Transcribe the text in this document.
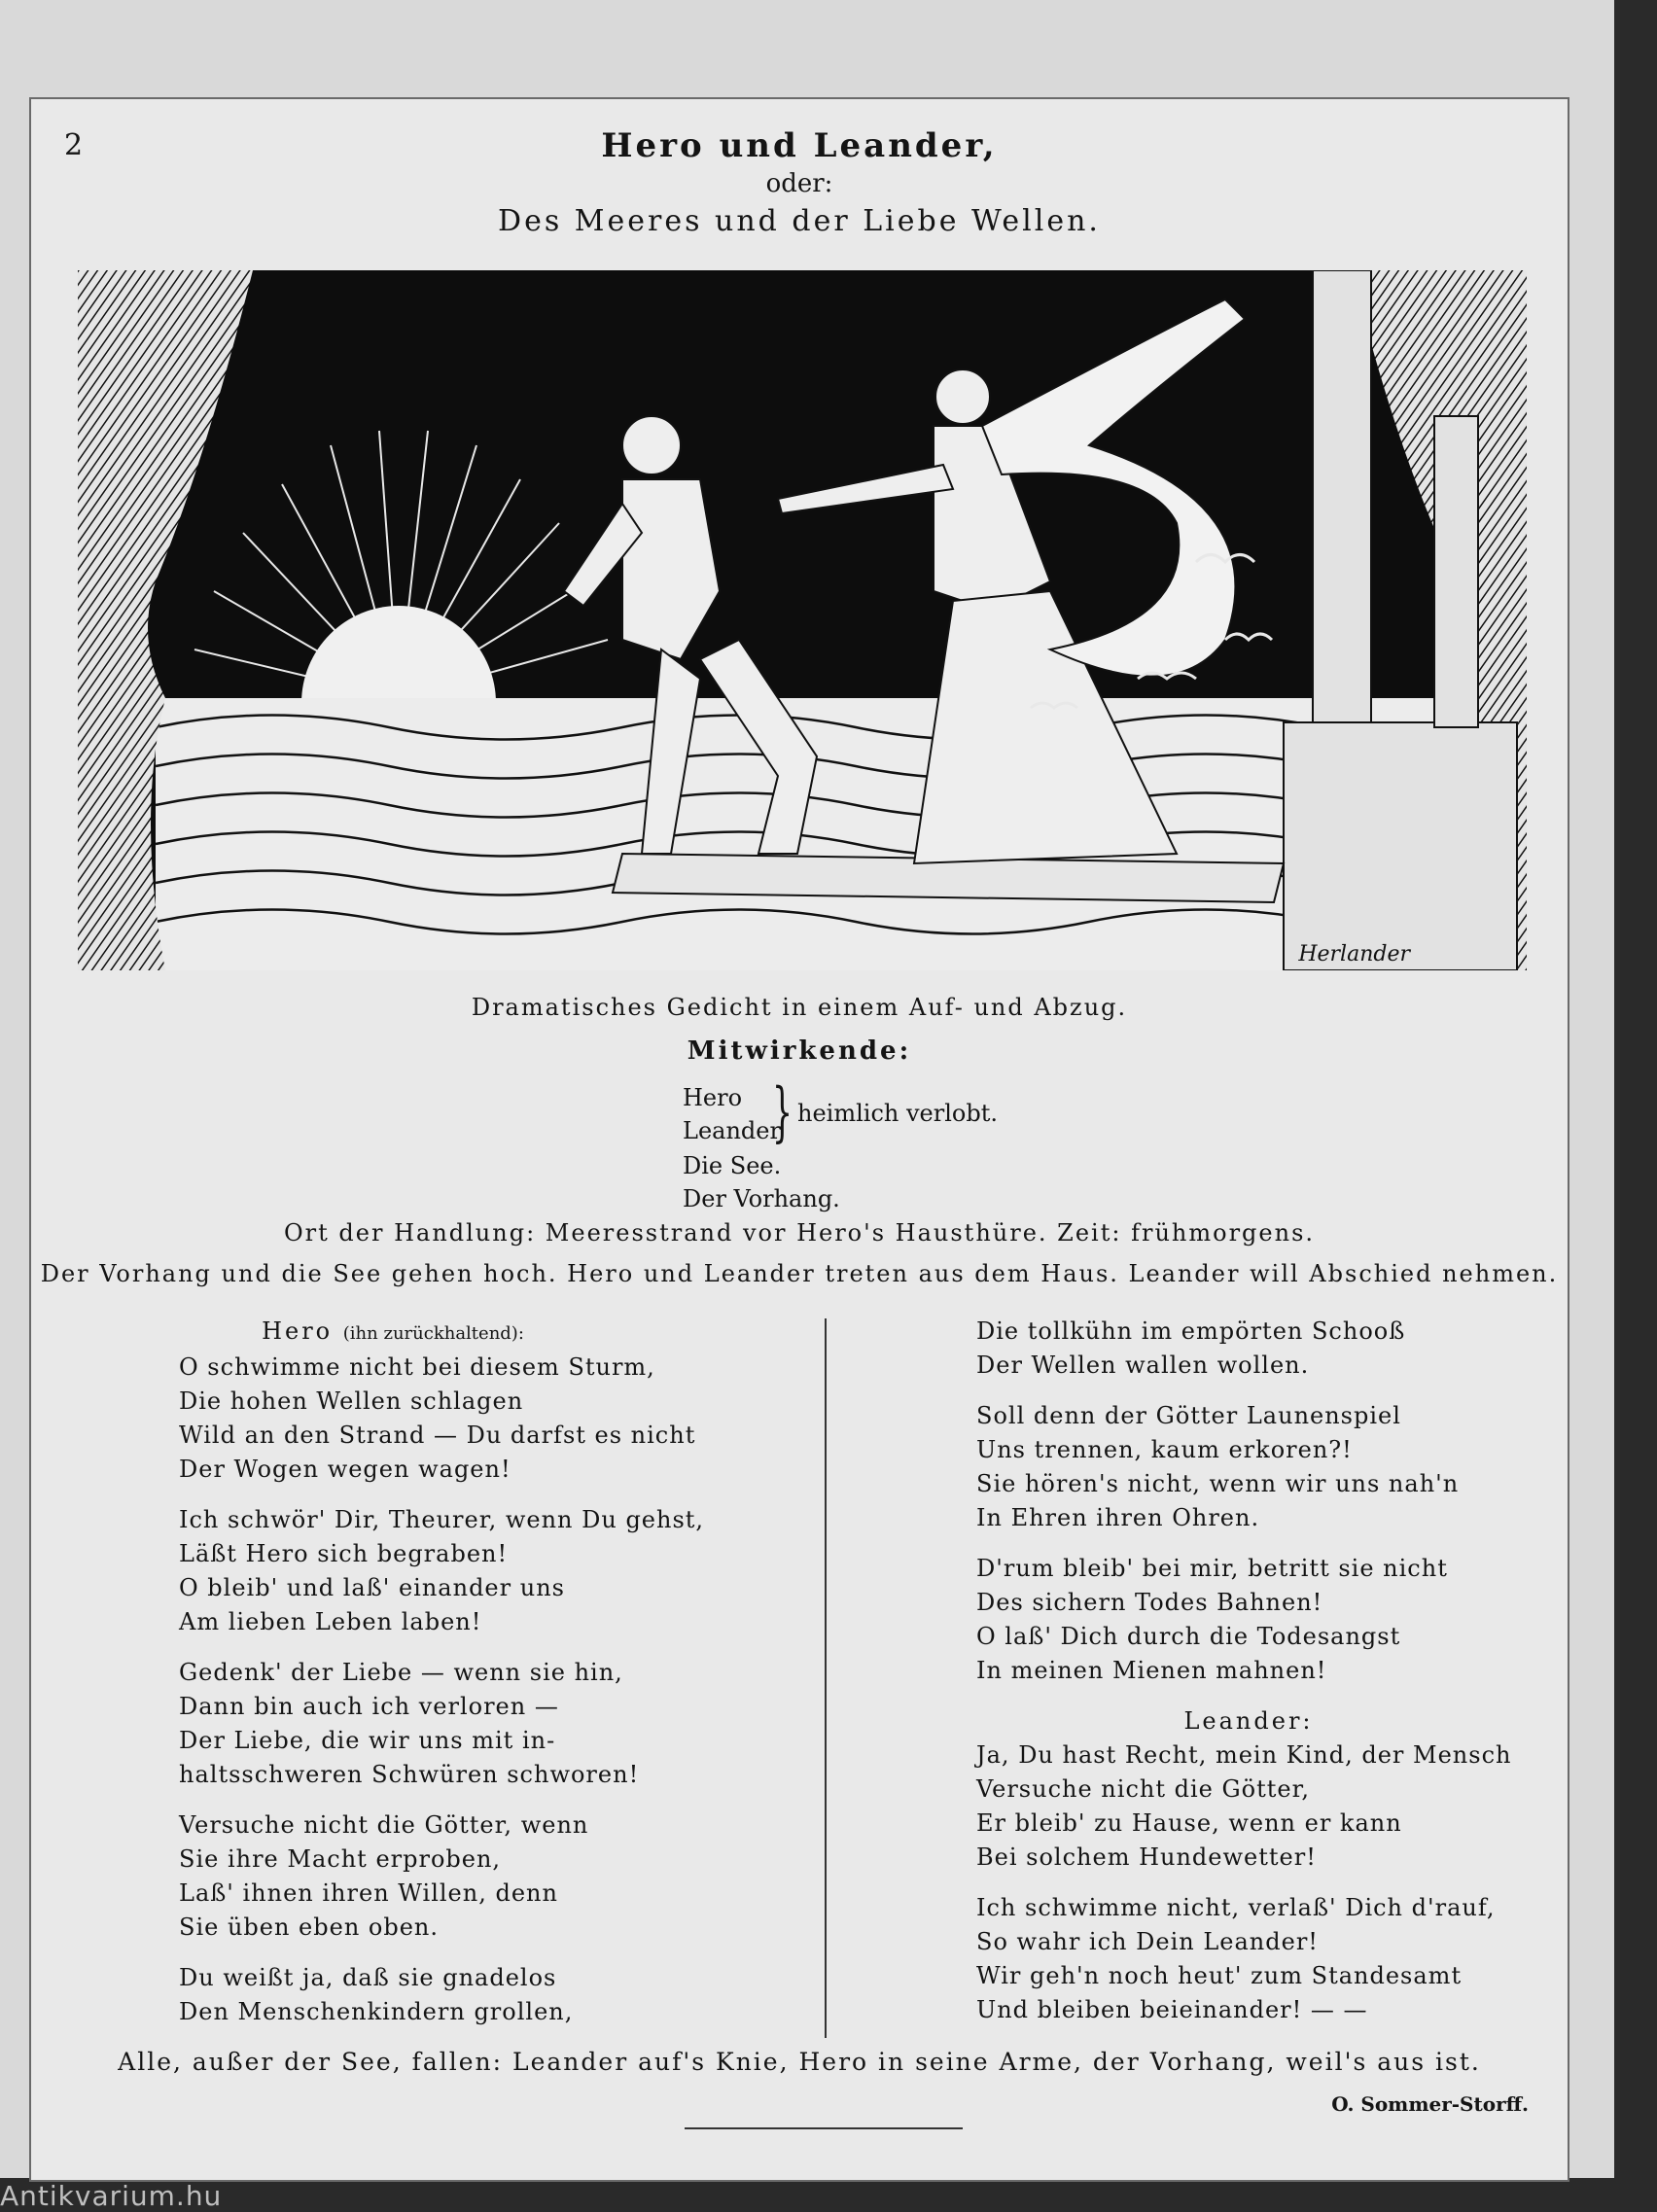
2	Hero und Leander,
oder:
Des Meeres und der Liebe Wellen.
Herlander
Dramatisches Gedicht in einem Auf- und Abzug.
Mitwirkende:
Hero
Leander
} heimlich verlobt.
Die See.
Der Vorhang.
Ort der Handlung: Meeresstrand vor Hero's Hausthüre. Zeit: frühmorgens.
Der Vorhang und die See gehen hoch. Hero und Leander treten aus dem Haus. Leander will Abschied nehmen.
Hero (ihn zurückhaltend):
O schwimme nicht bei diesem Sturm,
Die hohen Wellen schlagen
Wild an den Strand — Du darfst es nicht
Der Wogen wegen wagen!
Ich schwör' Dir, Theurer, wenn Du gehst,
Läßt Hero sich begraben!
O bleib' und laß' einander uns
Am lieben Leben laben!
Gedenk' der Liebe — wenn sie hin,
Dann bin auch ich verloren —
Der Liebe, die wir uns mit in-
haltsschweren Schwüren schworen!
Versuche nicht die Götter, wenn
Sie ihre Macht erproben,
Laß' ihnen ihren Willen, denn
Sie üben eben oben.
Du weißt ja, daß sie gnadelos
Den Menschenkindern grollen,
Die tollkühn im empörten Schooß
Der Wellen wallen wollen.
Soll denn der Götter Launenspiel
Uns trennen, kaum erkoren?!
Sie hören's nicht, wenn wir uns nah'n
In Ehren ihren Ohren.
D'rum bleib' bei mir, betritt sie nicht
Des sichern Todes Bahnen!
O laß' Dich durch die Todesangst
In meinen Mienen mahnen!
Leander:
Ja, Du hast Recht, mein Kind, der Mensch
Versuche nicht die Götter,
Er bleib' zu Hause, wenn er kann
Bei solchem Hundewetter!
Ich schwimme nicht, verlaß' Dich d'rauf,
So wahr ich Dein Leander!
Wir geh'n noch heut' zum Standesamt
Und bleiben beieinander! — —
Alle, außer der See, fallen: Leander auf's Knie, Hero in seine Arme, der Vorhang, weil's aus ist.
O. Sommer-Storff.
Antikvarium.hu
